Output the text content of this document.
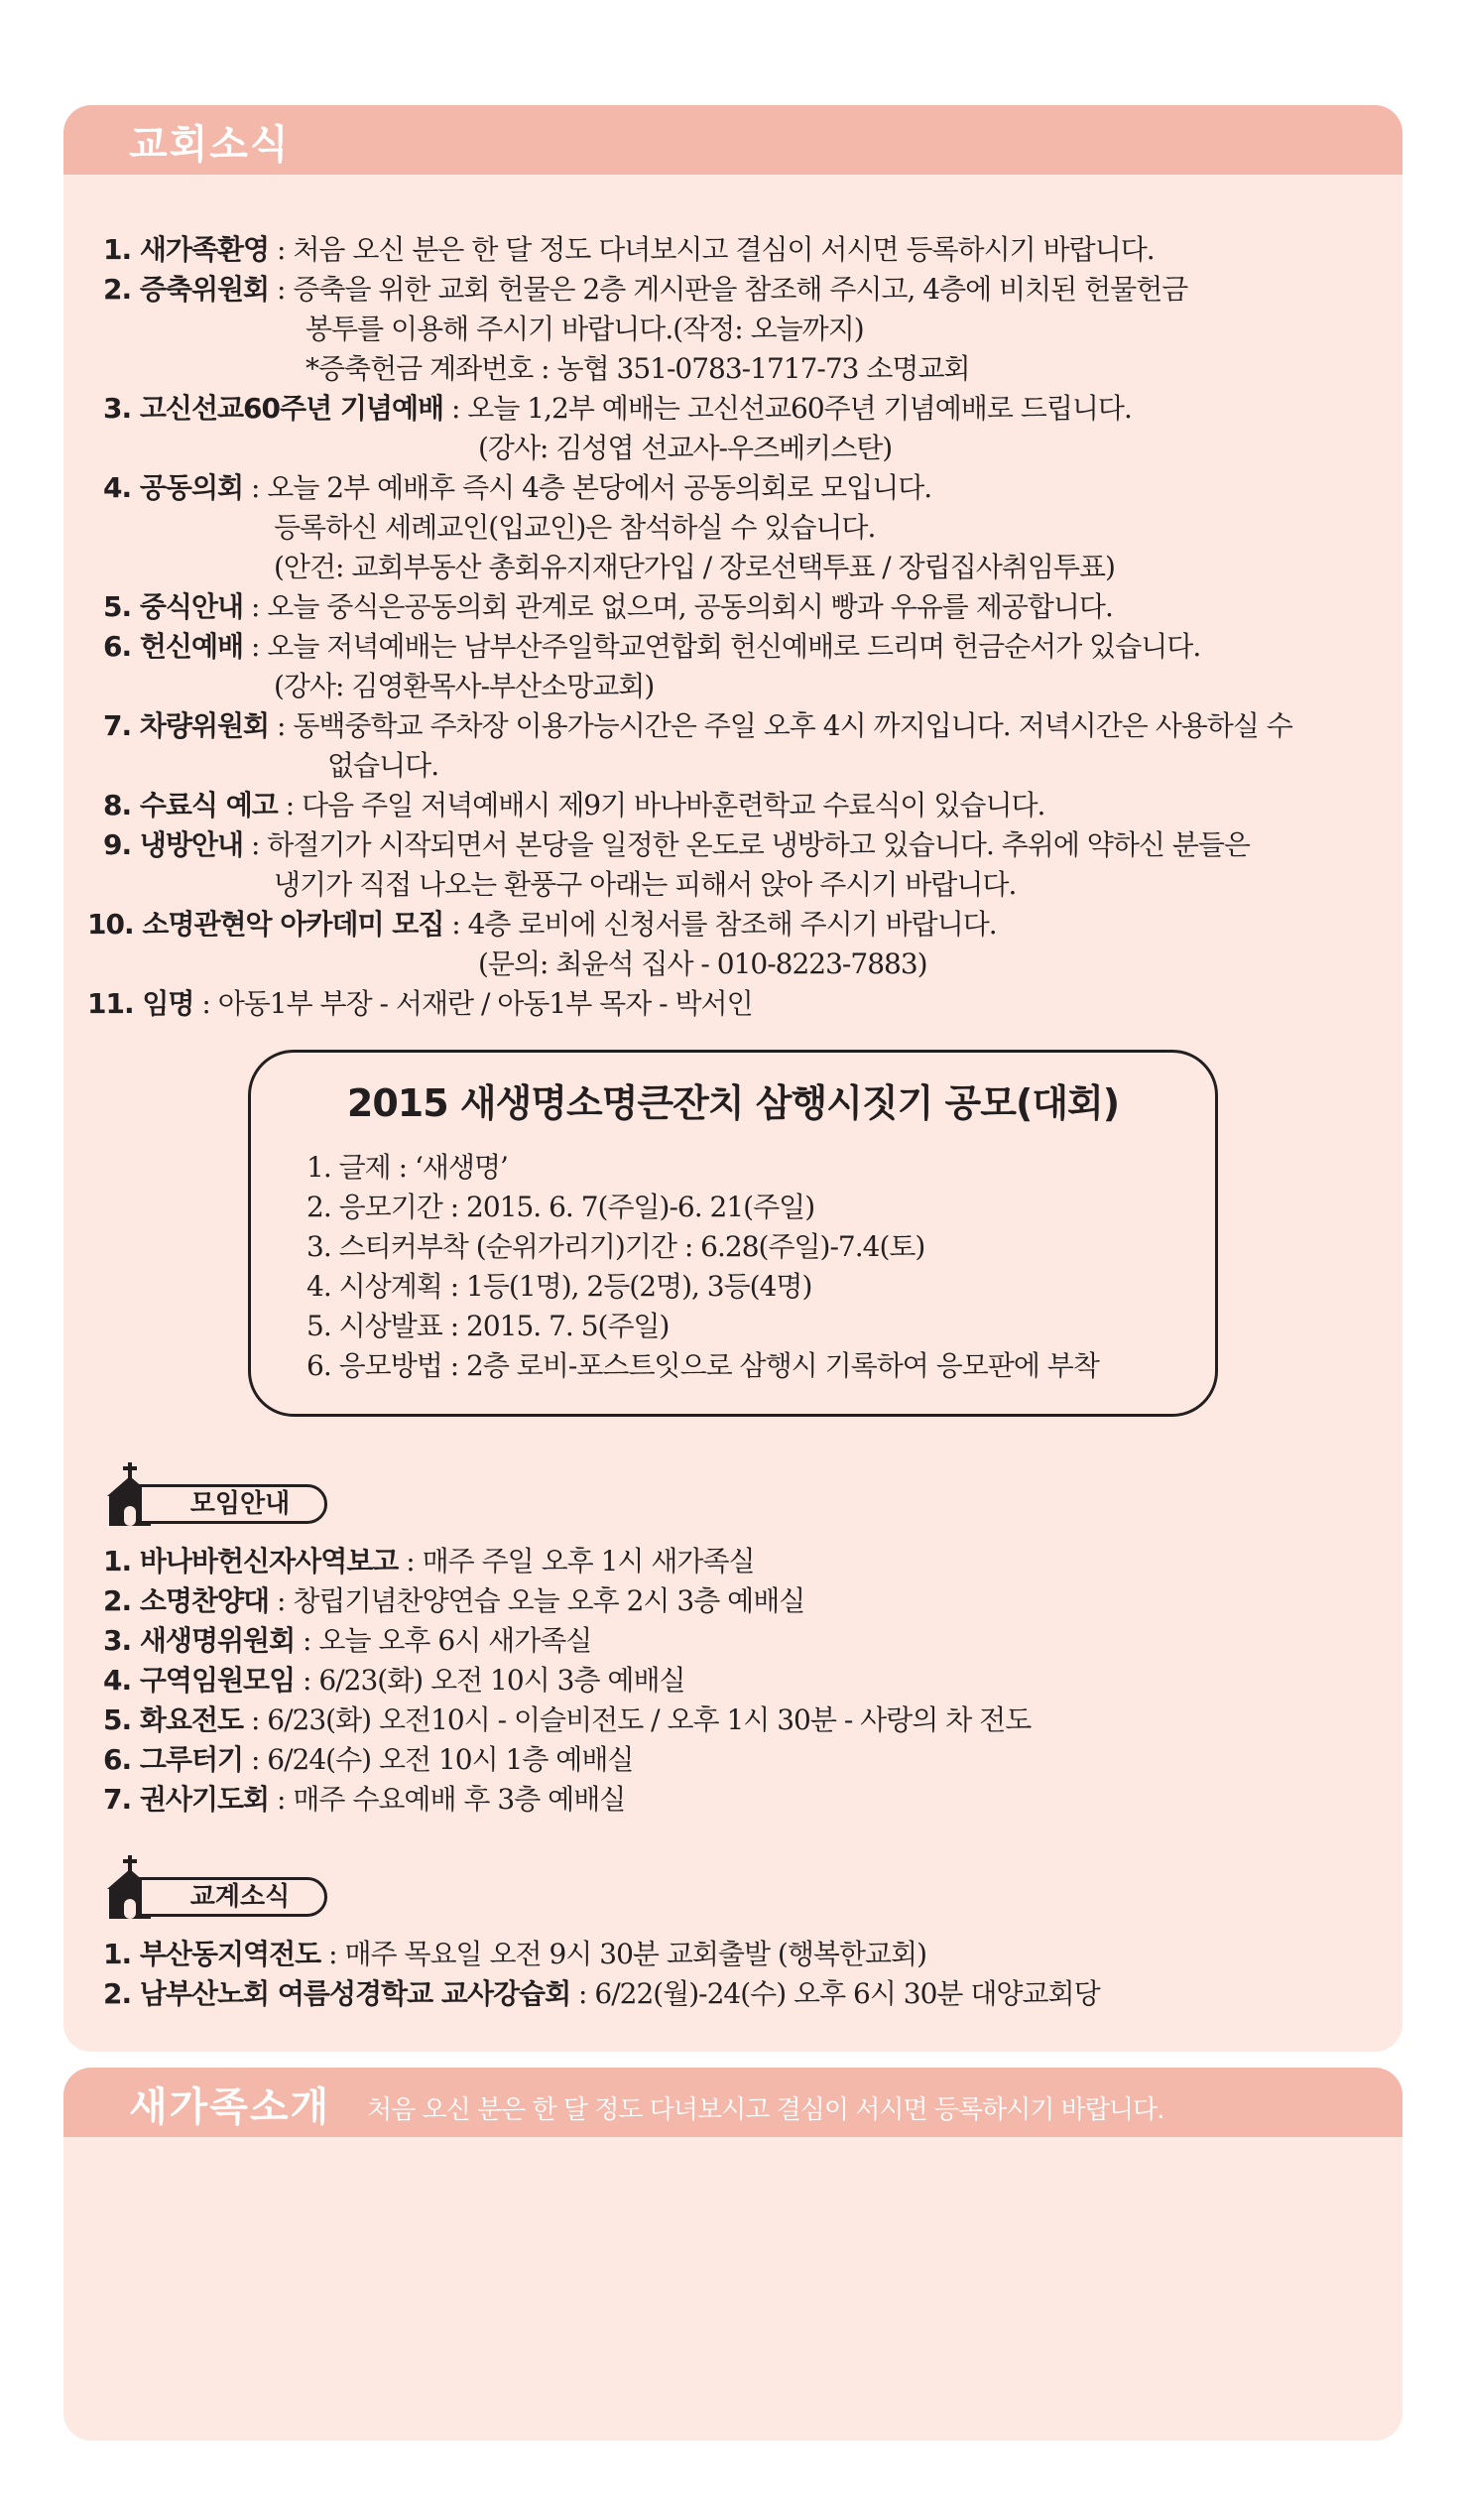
교회소식
1. 새가족환영 : 처음 오신 분은 한 달 정도 다녀보시고 결심이 서시면 등록하시기 바랍니다.
2. 증축위원회 : 증축을 위한 교회 헌물은 2층 게시판을 참조해 주시고, 4층에 비치된 헌물헌금
봉투를 이용해 주시기 바랍니다.(작정: 오늘까지)
*증축헌금 계좌번호 : 농협 351-0783-1717-73 소명교회
3. 고신선교60주년 기념예배 : 오늘 1,2부 예배는 고신선교60주년 기념예배로 드립니다.
(강사: 김성엽 선교사-우즈베키스탄)
4. 공동의회 : 오늘 2부 예배후 즉시 4층 본당에서 공동의회로 모입니다.
등록하신 세례교인(입교인)은 참석하실 수 있습니다.
(안건: 교회부동산 총회유지재단가입 / 장로선택투표 / 장립집사취임투표)
5. 중식안내 : 오늘 중식은공동의회 관계로 없으며, 공동의회시 빵과 우유를 제공합니다.
6. 헌신예배 : 오늘 저녁예배는 남부산주일학교연합회 헌신예배로 드리며 헌금순서가 있습니다.
(강사: 김영환목사-부산소망교회)
7. 차량위원회 : 동백중학교 주차장 이용가능시간은 주일 오후 4시 까지입니다. 저녁시간은 사용하실 수
없습니다.
8. 수료식 예고 : 다음 주일 저녁예배시 제9기 바나바훈련학교 수료식이 있습니다.
9. 냉방안내 : 하절기가 시작되면서 본당을 일정한 온도로 냉방하고 있습니다. 추위에 약하신 분들은
냉기가 직접 나오는 환풍구 아래는 피해서 앉아 주시기 바랍니다.
10. 소명관현악 아카데미 모집 : 4층 로비에 신청서를 참조해 주시기 바랍니다.
(문의: 최윤석 집사 - 010-8223-7883)
11. 임명 : 아동1부 부장 - 서재란 / 아동1부 목자 - 박서인
2015 새생명소명큰잔치 삼행시짓기 공모(대회)
1. 글제 : ‘새생명’
2. 응모기간 : 2015. 6. 7(주일)-6. 21(주일)
3. 스티커부착 (순위가리기)기간 : 6.28(주일)-7.4(토)
4. 시상계획 : 1등(1명), 2등(2명), 3등(4명)
5. 시상발표 : 2015. 7. 5(주일)
6. 응모방법 : 2층 로비-포스트잇으로 삼행시 기록하여 응모판에 부착
모임안내
1. 바나바헌신자사역보고 : 매주 주일 오후 1시 새가족실
2. 소명찬양대 : 창립기념찬양연습 오늘 오후 2시 3층 예배실
3. 새생명위원회 : 오늘 오후 6시 새가족실
4. 구역임원모임 : 6/23(화) 오전 10시 3층 예배실
5. 화요전도 : 6/23(화) 오전10시 - 이슬비전도 / 오후 1시 30분 - 사랑의 차 전도
6. 그루터기 : 6/24(수) 오전 10시 1층 예배실
7. 권사기도회 : 매주 수요예배 후 3층 예배실
교계소식
1. 부산동지역전도 : 매주 목요일 오전 9시 30분 교회출발 (행복한교회)
2. 남부산노회 여름성경학교 교사강습회 : 6/22(월)-24(수) 오후 6시 30분 대양교회당
새가족소개 처음 오신 분은 한 달 정도 다녀보시고 결심이 서시면 등록하시기 바랍니다.
